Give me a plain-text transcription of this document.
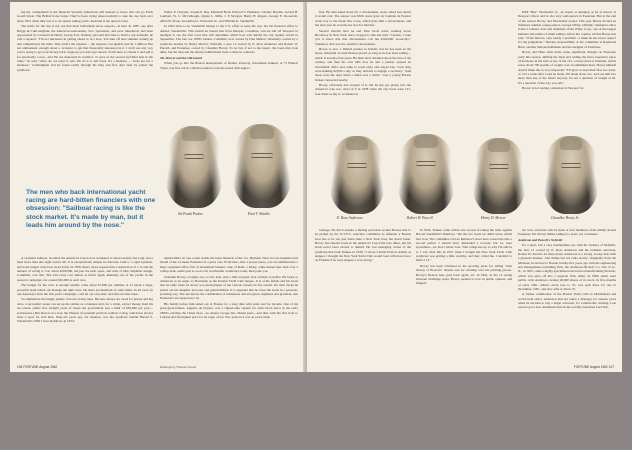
ing my comprehend is the financial Security Americans will interest to know that can go Forth Gould Street. The British horse better. They've been trying unsuccessfully to take the cup back ever since 1851 when they lost it to an upstart sailing yacht. Australia is the upstart today.

The battle for the cup is not one that most individuals never expects—at best. In 1887, one after Briggs & Cum-singham, the American team-author, Scrt. sportsman, and racer Jahrelbech, had been approached by Connecticut Henry Lerney Fort. Ramsey just said he'd like to build a cup defender, he told a reporter: "I'm not interested in getting ahead or in a boat. You take off next summer turning up and competing in the trials. This event's the expense ... the expense cost ignably just $1.1 million. But not enthusiastic enough about a 12-meter to get that financially interested in it. I don't see any way you're going to get your money back. Suppose you don't get chosen. You'll have to charter it and sell it for practically a loss—and I'm not interested in sacrifice. To give us the second and third best in the trials," he said, "After all, we want to win. We do it to sell boats. It's a business — boats are not a business." Cunningham and he found easily through his help and five days later he joined the syndicate.

Walter P. Chrysler, Joseph P. Day, Marshall Field, Edward S. Harkness, Charles Hayden, Gerard B. Lambert, W. C. McCullough, Ogden L. Mills, J. P. Morgan, Henry H. Rogers, George E. Roosevelt, Alfred P. Sloan, and Alfred L. Frederick W., and William K. Vanderbilt.

In 1962 there is no Vanderbilt money to the U.S. effort to keep the cup, but the financial effort to defend, Vanderbilts. This month an honest line from Intrepid, Columbia, will set sail off Newport in attempts to see the trial races that will determine which boat will defend the cup against Gretel in September. The four are 1958's winner, Columbia, now owned by Paul Mellon, Weatherly, owned by a syndicate headed by Henry Mercer; Nefertiti, a new 12 owned by E. Ross Anderson and Robert W. Purcell, and Easterner, owned by Chandler Hovey. To be fair, if not to the expert, the boats may look alike, but the men and the money behind them form a study in contrasts.

Mr. Mercer and the Old Guard

When you go into the Boston headquarters of Kidder, Peabody, investment bankers, at 75 Federal Street, you first reach a small reception room decorated with engrav-

Sir Frank Packer	Paul V. Shields
The men who back international yacht racing are hard-bitten financiers with one obsession: "Sailboat racing is like the stock market. It's made by man, but it leads him around by the nose."

A 12-meter sailboat, in which the America's Cup is now contested, is about seventy feet long, and a mast more than that eight stories tall. It is exceptionally simple in character, built to a rigid equation, and is the largest class boat raced today. In 1958, Rusty Sears expected the construction of a 12 and the amount of racing to cost about $200,000, but just the hull, spars, and sails of Olin Stephens' design, Columbia, cost that. The trial races cost almost as much again. Running one of the yachts in the season's campaign cost around $10,000 at each race.

The budget for the crew is enough usually come about $7,000 per summer. A 12 needs a large, powerful team which can manage the tight crew, but there are hundreds of other items. In all races by one Kennedy's fleet the first year's campaign—and all out of pocket, and after income taxes.

So emphasizes the kingly quality of horse racing sales. Because horses are raced for purses and big wins, a successful owner can set up his stables as a business unit, for a while, extract money from his tax return. (After five straight years of losses the government sets a limit of $50,000 per year—seriousness.) But there is not even the illusion of potential profit in sailboat racing, which has always been a sport for rich men. Sixty-six years ago, for instance, was the syndicate behind Harold S. Vanderbilt's 1930 J boat, Rainbow, in 1934:

memorabilia. In one corner stands the brass binnacle of the J.G. Hystank. Near it is an exquisite neat model of the 12-meter Easterner in a glass case. From here, after a proper pause, you are admitted into a huge organized office full of investment bankers. One of them, a husky, white-haired man bent over a rolltop desk, seems just as soon a bit worthwhile conference room, then joins you.

Chandler Hovey, at eighty-two, is tall, lean, only a little stooped, and, at times, irascible. He looks so American as an eagle, as Bostonian as the Eastern Yacht Club burgee. It is of his family and his boats that he talks when he shows you photographs of the various vessels he has owned. On their decks he points out his daughter and sons and grandchildren. It is apparent that he loves the boats in a personal, yearning way. The sun knows the combination of tenderness and arrogance, lightness and grandeur, that Easterners are supposed to be.

His family before him sailed out of Boston for a long time with pride and for income. One of his great-great-fathers, Augusto de Peyster, was a clipper-ship captain for John Jacob Astor in the early 1800's, piloting the China Seas—an annual voyage into distant parts—and then with the first boat to London and the highest price for its cargo of tea. Two years in a row, in years when

106 FORTUNE August 1962	Drawings by Thomas Cornell

first. He then asked Astor for a chronometer. Astor asked how much it would cost. The answer was $500. Astor gave de Capitain de Peyster went over to the Steak Stor Cone, which gave him a chronometer, and the next year he won the tea race for that line.

Several months later he and John Jacob Astor walking down Broadway in New York. Astor stopped to talk and said, "Captain, I want you to know that that chronometer cost me $100,000. Good-day." Somehow, that was the captain's chronometer.

Hovey is now a limited partner in Kidder, but he has been in the heavy industrial account Boston placed as long as he has been sailing—which is seventy-four years. He must have dreamed about the turn of the century, and then his own bills how he and a partner opened an investment office and came to work early and stayed late. Soon they were making $2,000 a day, so they decided to engage a secretary. "And those were the days when a dollar was a dollar," says a young Boston broker connected nearby.

Hovey obviously had enough of it, but he has got plenty into the America's Cup two, most of it in 1958 when the cup boats were 12's, four times as big as 12-meters in

Emil "Bus" Mosbacher Jr., an expert at skipping as he is known at Newport, fitted, and is also very well-known in Easterner. But at the end of the season Hovey and Mosbacher parted. This year Hovey invited an infamous number young expert, George O'Day, Olympic champion sailor in the 5.5-meter class and chairman of the O'Day Corp., one of the largest builders and sellers of small sailing craft in the country. Of this Hovey has said, "If the fellows, very nearly a problem—I think he has never respect for my judgement." Sharing responsibility at the committee is Raymond Hunt, another famous helmsman and the designer of Easterner.

Hovey and Hunt often made some significant changes on Easterner early this season, shifting the mast and adding the most expensive piece of hardware in the trial as any of the 12's, a brave mast of titanium, which saves about 700 pounds of weight over an aluminum mast. Hovey himself doesn't think this is very important: "I'll grow at least their first two trials, or 12's a week after I said he made. We made about two, and one hull two more than any of the others anyway. It's not a question of weight at all. It's a question of the way you sail."

Hovey is not renting a mansion in Newport for

E. Ross Anderson	Robert W. Purcell	Henry D. Mercer	Chandler Hovey Jr.

tonnage. He did it despite a finding prevalent around Boston that to be picked by the N.Y.Y.C. selection committee as defender a Boston boat has to be not just faster than a New York boat, but much faster. Hovey has entered boats in the America's Cup trials four times, but his boats never been chosen to defend. He was managing owner of the syndicate that built Yankee in 1930; "I chose Charlie Francis Adams as skipper. I thought the New York Yacht Club would look with more favor on Frankie if he were skipper. I was wrong."

In 1934, Yankee came within one second of taking the trials against Harold Vanderbilt's Rainbow. "On the two boats we didn't know which had won. The committee told us Rainbow's mast had crossed the line a second earlier. I should have demanded a recount, but we were sportsmen—we had a better boat. That brings me up to why I'm still in it. I was what this in 1937 when I bought the New York Yacht Club syndicate was getting a little wealthy, and they called me. I decided to build a 12."

Hovey has been criticized in the sporting press for tailing "with money of Boston's" absent; and are winning over his pitching person. Hovey's Boston base goes back again, etc. In 1961, in the 12 racing between challenge years, Hovey seemed to now in public opinion, and shipped

his crew, and there will be three or four members of his family aboard Easterner. Mr. Hovey thinks sailing is a sport, not a business.

Anderson and Purcell's Nefertiti

It's a sport, but a very businesslike one with the backers of Nefertiti, the new 12 owned by E. Ross Anderson and his business associate, Robert W. Purcell. At sixty-seven, Anderson is a strong, stocky man with a pleasant manner, who thinks but not talks slowly. Originally from the Midwest, he moved to Boston twenty-five years ago with his engineering and management-consulting firm, the Anderson-Nichols Co. Out of A.-N., in 1955, came a highly specialized electronics manufacturing division, which was spun off into a separate firm, Allen, In 1960, Allen went public, with Anderson owning 40,000 shares of its stock. In five months of early 1961, Allen's stock rose to 55, was split three for one in December, 1961, and now sells at about 19.

A former commodore of the Boston Yacht Club in Marblehead and world-wide sailor, Anderson had not taken a manager for sixteen years when he decided to buy a larger schooner, for comfortable cruising. Last year he got a new aluminum mast in his recently-launched Lord Jim,

FORTUNE August 1962 107
